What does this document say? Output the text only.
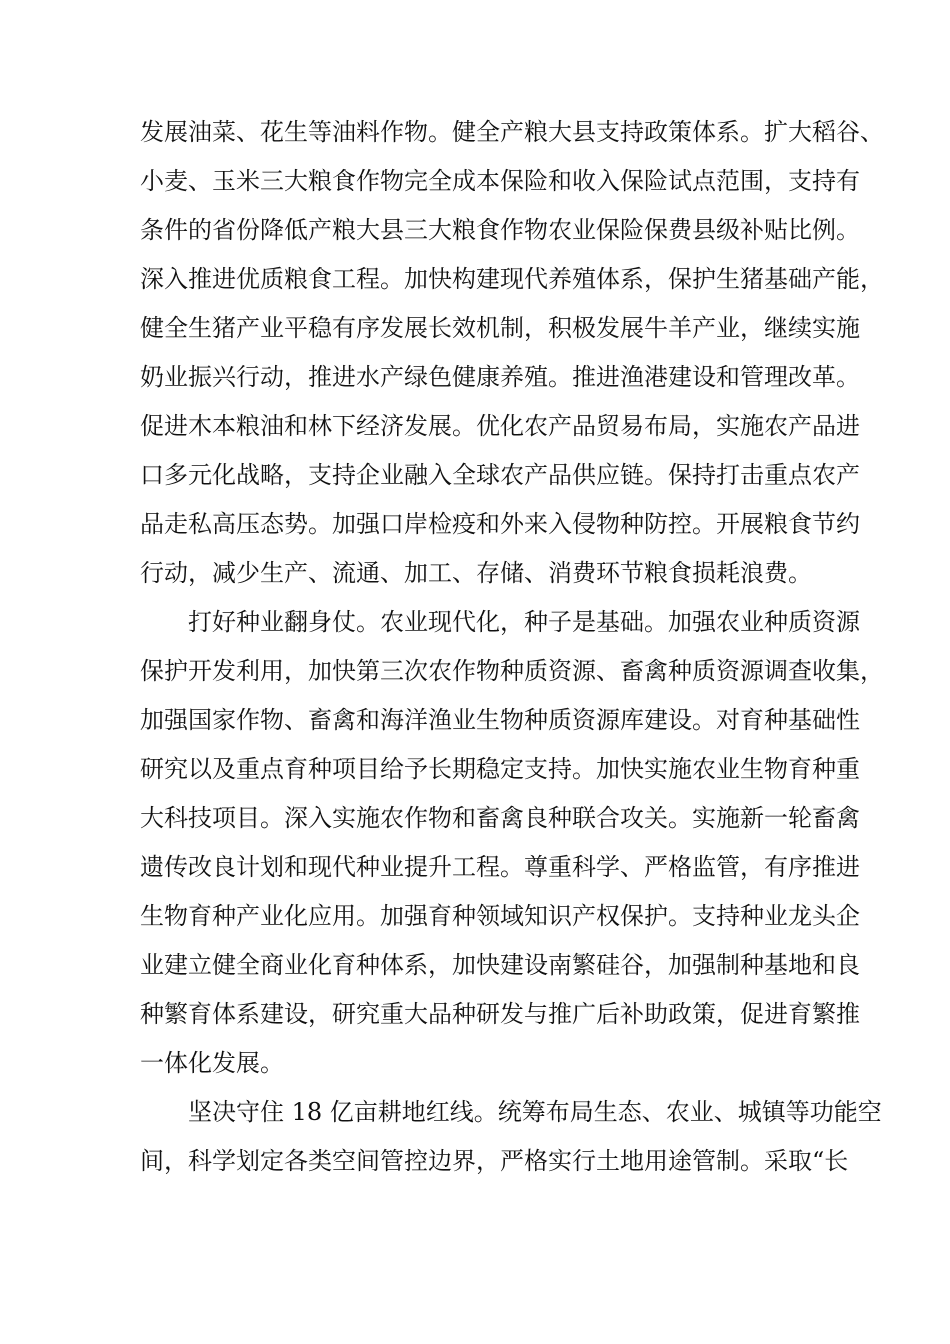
发展油菜、花生等油料作物。健全产粮大县支持政策体系。扩大稻谷、

小麦、玉米三大粮食作物完全成本保险和收入保险试点范围，支持有

条件的省份降低产粮大县三大粮食作物农业保险保费县级补贴比例。

深入推进优质粮食工程。加快构建现代养殖体系，保护生猪基础产能，

健全生猪产业平稳有序发展长效机制，积极发展牛羊产业，继续实施

奶业振兴行动，推进水产绿色健康养殖。推进渔港建设和管理改革。

促进木本粮油和林下经济发展。优化农产品贸易布局，实施农产品进

口多元化战略，支持企业融入全球农产品供应链。保持打击重点农产

品走私高压态势。加强口岸检疫和外来入侵物种防控。开展粮食节约

行动，减少生产、流通、加工、存储、消费环节粮食损耗浪费。

打好种业翻身仗。农业现代化，种子是基础。加强农业种质资源

保护开发利用，加快第三次农作物种质资源、畜禽种质资源调查收集，

加强国家作物、畜禽和海洋渔业生物种质资源库建设。对育种基础性

研究以及重点育种项目给予长期稳定支持。加快实施农业生物育种重

大科技项目。深入实施农作物和畜禽良种联合攻关。实施新一轮畜禽

遗传改良计划和现代种业提升工程。尊重科学、严格监管，有序推进

生物育种产业化应用。加强育种领域知识产权保护。支持种业龙头企

业建立健全商业化育种体系，加快建设南繁硅谷，加强制种基地和良

种繁育体系建设，研究重大品种研发与推广后补助政策，促进育繁推

一体化发展。

坚决守住 18 亿亩耕地红线。统筹布局生态、农业、城镇等功能空

间，科学划定各类空间管控边界，严格实行土地用途管制。采取“长
